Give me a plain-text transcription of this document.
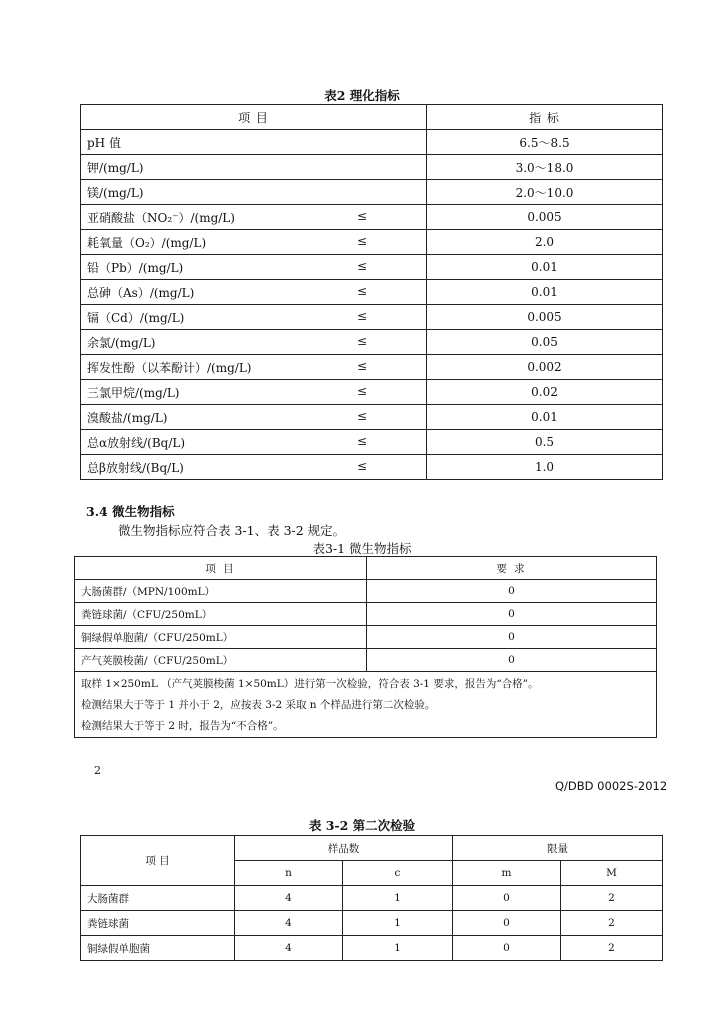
表2 理化指标
项 目	指 标
pH 值	6.5～8.5
钾/(mg/L)	3.0～18.0
镁/(mg/L)	2.0～10.0
亚硝酸盐（NO₂⁻）/(mg/L) ≤	0.005
耗氧量（O₂）/(mg/L) ≤	2.0
铅（Pb）/(mg/L) ≤	0.01
总砷（As）/(mg/L) ≤	0.01
镉（Cd）/(mg/L) ≤	0.005
余氯/(mg/L) ≤	0.05
挥发性酚（以苯酚计）/(mg/L) ≤	0.002
三氯甲烷/(mg/L) ≤	0.02
溴酸盐/(mg/L) ≤	0.01
总α放射线/(Bq/L) ≤	0.5
总β放射线/(Bq/L) ≤	1.0
3.4 微生物指标
微生物指标应符合表 3-1、表 3-2 规定。
表3-1 微生物指标
项 目	要 求
大肠菌群/（MPN/100mL）	0
粪链球菌/（CFU/250mL）	0
铜绿假单胞菌/（CFU/250mL）	0
产气荚膜梭菌/（CFU/250mL）	0

取样 1×250mL （产气荚膜梭菌 1×50mL）进行第一次检验，符合表 3-1 要求，报告为“合格”。
检测结果大于等于 1 并小于 2，应按表 3-2 采取 n 个样品进行第二次检验。
检测结果大于等于 2 时，报告为“不合格”。	
2
Q/DBD 0002S-2012
表 3-2 第二次检验
项 目	样品数		限量	
	n	c	m	M
大肠菌群	4	1	0	2
粪链球菌	4	1	0	2
铜绿假单胞菌	4	1	0	2
